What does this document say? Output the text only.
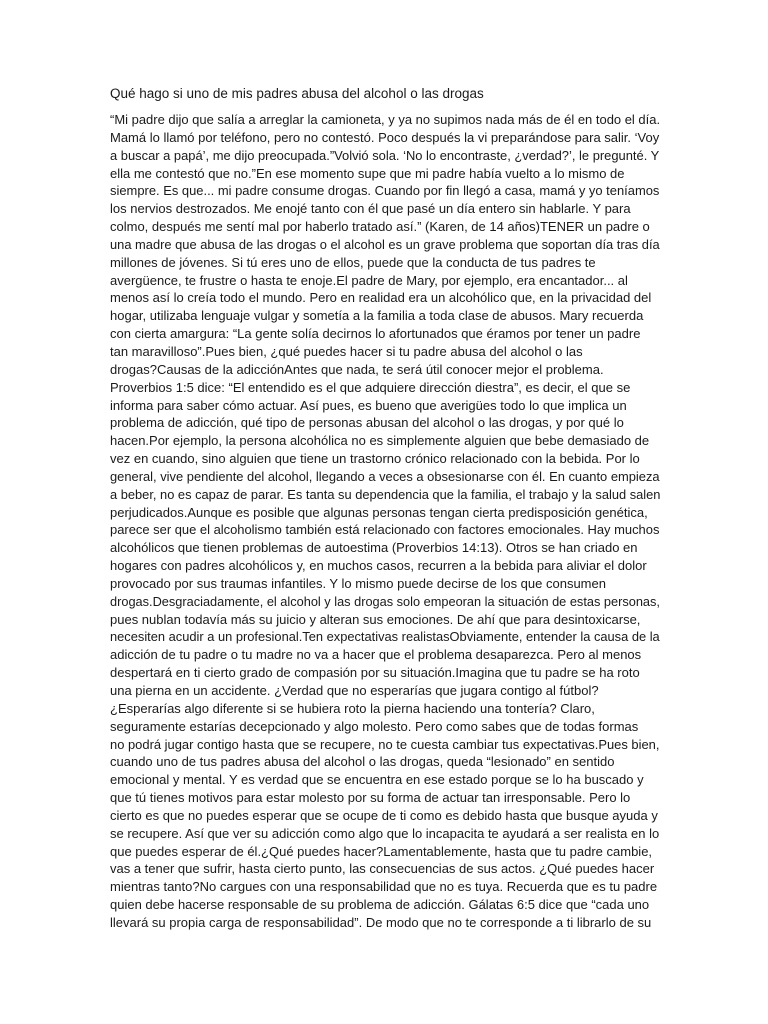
Qué hago si uno de mis padres abusa del alcohol o las drogas
“Mi padre dijo que salía a arreglar la camioneta, y ya no supimos nada más de él en todo el día.
Mamá lo llamó por teléfono, pero no contestó. Poco después la vi preparándose para salir. ‘Voy
a buscar a papá’, me dijo preocupada.”Volvió sola. ‘No lo encontraste, ¿verdad?’, le pregunté. Y
ella me contestó que no.”En ese momento supe que mi padre había vuelto a lo mismo de
siempre. Es que... mi padre consume drogas. Cuando por fin llegó a casa, mamá y yo teníamos
los nervios destrozados. Me enojé tanto con él que pasé un día entero sin hablarle. Y para
colmo, después me sentí mal por haberlo tratado así.” (Karen, de 14 años)TENER un padre o
una madre que abusa de las drogas o el alcohol es un grave problema que soportan día tras día
millones de jóvenes. Si tú eres uno de ellos, puede que la conducta de tus padres te
avergüence, te frustre o hasta te enoje.El padre de Mary, por ejemplo, era encantador... al
menos así lo creía todo el mundo. Pero en realidad era un alcohólico que, en la privacidad del
hogar, utilizaba lenguaje vulgar y sometía a la familia a toda clase de abusos. Mary recuerda
con cierta amargura: “La gente solía decirnos lo afortunados que éramos por tener un padre
tan maravilloso”.Pues bien, ¿qué puedes hacer si tu padre abusa del alcohol o las
drogas?Causas de la adicciónAntes que nada, te será útil conocer mejor el problema.
Proverbios 1:5 dice: “El entendido es el que adquiere dirección diestra”, es decir, el que se
informa para saber cómo actuar. Así pues, es bueno que averigües todo lo que implica un
problema de adicción, qué tipo de personas abusan del alcohol o las drogas, y por qué lo
hacen.Por ejemplo, la persona alcohólica no es simplemente alguien que bebe demasiado de
vez en cuando, sino alguien que tiene un trastorno crónico relacionado con la bebida. Por lo
general, vive pendiente del alcohol, llegando a veces a obsesionarse con él. En cuanto empieza
a beber, no es capaz de parar. Es tanta su dependencia que la familia, el trabajo y la salud salen
perjudicados.Aunque es posible que algunas personas tengan cierta predisposición genética,
parece ser que el alcoholismo también está relacionado con factores emocionales. Hay muchos
alcohólicos que tienen problemas de autoestima (Proverbios 14:13). Otros se han criado en
hogares con padres alcohólicos y, en muchos casos, recurren a la bebida para aliviar el dolor
provocado por sus traumas infantiles. Y lo mismo puede decirse de los que consumen
drogas.Desgraciadamente, el alcohol y las drogas solo empeoran la situación de estas personas,
pues nublan todavía más su juicio y alteran sus emociones. De ahí que para desintoxicarse,
necesiten acudir a un profesional.Ten expectativas realistasObviamente, entender la causa de la
adicción de tu padre o tu madre no va a hacer que el problema desaparezca. Pero al menos
despertará en ti cierto grado de compasión por su situación.Imagina que tu padre se ha roto
una pierna en un accidente. ¿Verdad que no esperarías que jugara contigo al fútbol?
¿Esperarías algo diferente si se hubiera roto la pierna haciendo una tontería? Claro,
seguramente estarías decepcionado y algo molesto. Pero como sabes que de todas formas
no podrá jugar contigo hasta que se recupere, no te cuesta cambiar tus expectativas.Pues bien,
cuando uno de tus padres abusa del alcohol o las drogas, queda “lesionado” en sentido
emocional y mental. Y es verdad que se encuentra en ese estado porque se lo ha buscado y
que tú tienes motivos para estar molesto por su forma de actuar tan irresponsable. Pero lo
cierto es que no puedes esperar que se ocupe de ti como es debido hasta que busque ayuda y
se recupere. Así que ver su adicción como algo que lo incapacita te ayudará a ser realista en lo
que puedes esperar de él.¿Qué puedes hacer?Lamentablemente, hasta que tu padre cambie,
vas a tener que sufrir, hasta cierto punto, las consecuencias de sus actos. ¿Qué puedes hacer
mientras tanto?No cargues con una responsabilidad que no es tuya. Recuerda que es tu padre
quien debe hacerse responsable de su problema de adicción. Gálatas 6:5 dice que “cada uno
llevará su propia carga de responsabilidad”. De modo que no te corresponde a ti librarlo de su
